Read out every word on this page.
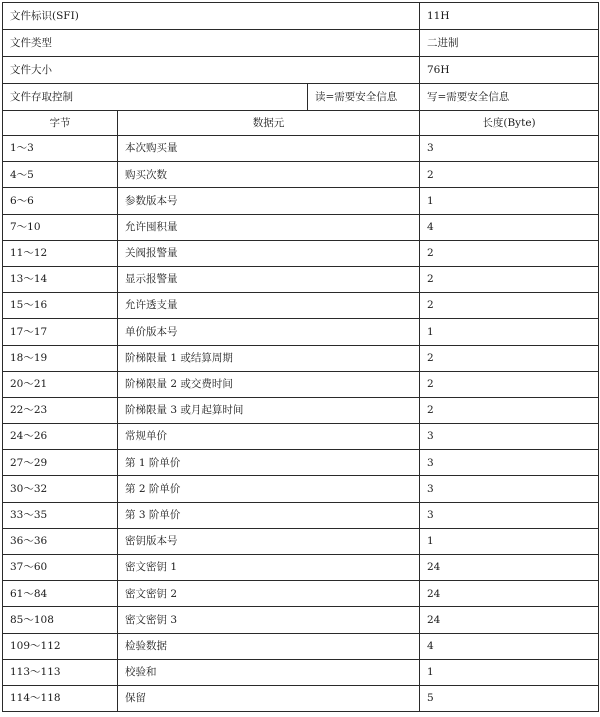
文件标识(SFI)			11H
文件类型			二进制
文件大小			76H
文件存取控制		读=需要安全信息	写=需要安全信息
字节	数据元		长度(Byte)
1～3	本次购买量		3
4～5	购买次数		2
6～6	参数版本号		1
7～10	允许囤积量		4
11～12	关阀报警量		2
13～14	显示报警量		2
15～16	允许透支量		2
17～17	单价版本号		1
18～19	阶梯限量 1 或结算周期		2
20～21	阶梯限量 2 或交费时间		2
22～23	阶梯限量 3 或月起算时间		2
24～26	常规单价		3
27～29	第 1 阶单价		3
30～32	第 2 阶单价		3
33～35	第 3 阶单价		3
36～36	密钥版本号		1
37～60	密文密钥 1		24
61～84	密文密钥 2		24
85～108	密文密钥 3		24
109～112	检验数据		4
113～113	校验和		1
114～118	保留		5
